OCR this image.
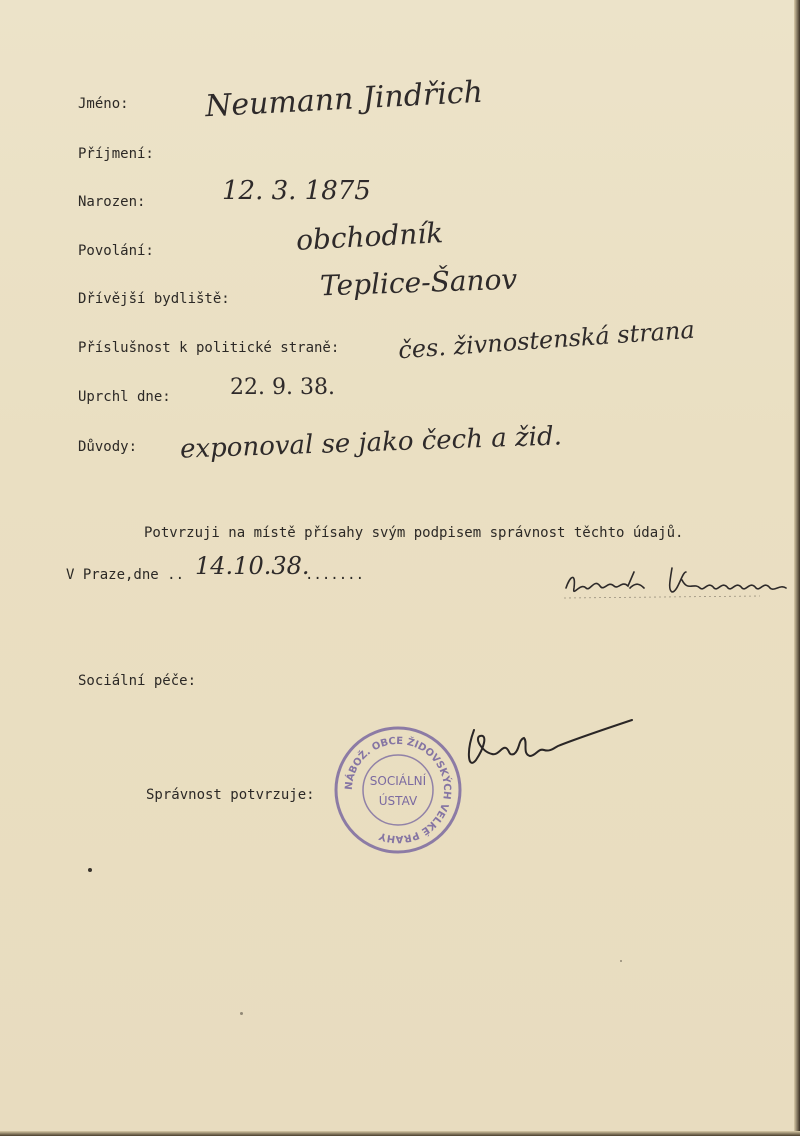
Jméno:
Příjmení:
Narozen:
Povolání:
Dřívější bydliště:
Příslušnost k politické straně:
Uprchl dne:
Důvody:
Neumann Jindřich
12. 3. 1875
obchodník
Teplice-Šanov
čes. živnostenská strana
22. 9. 38.
exponoval se jako čech a žid.
Potvrzuji na místě přísahy svým podpisem správnost těchto údajů.
V Praze,dne .. 14.10.38.
.......
Sociální péče:
Správnost potvrzuje:
NÁBOŽ. OBCE ŽIDOVSKÝCH VELKÉ PRAHY
SOCIÁLNÍ
ÚSTAV
